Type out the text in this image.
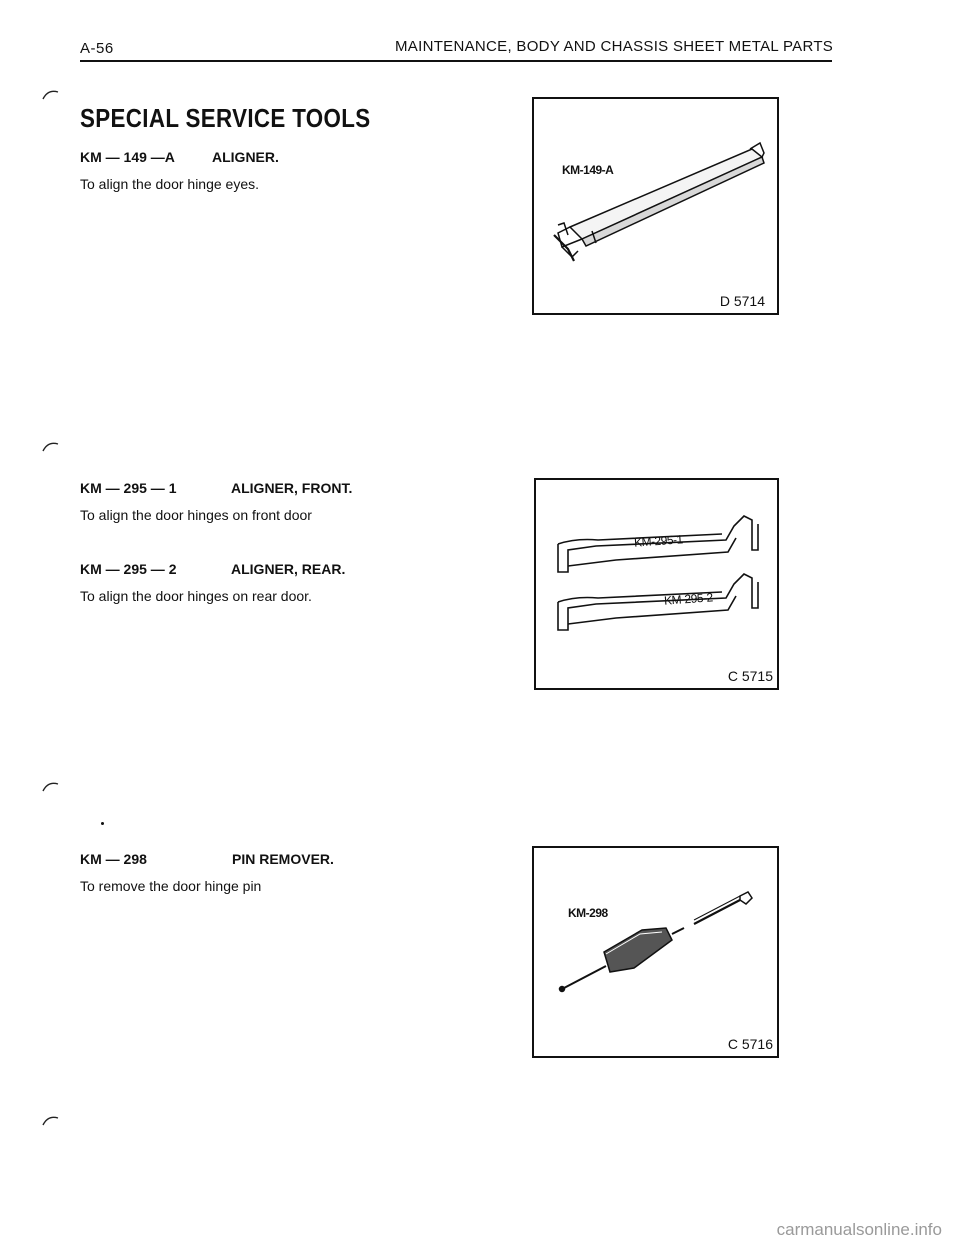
A-56	MAINTENANCE, BODY AND CHASSIS SHEET METAL PARTS
SPECIAL SERVICE TOOLS
KM — 149 —A	ALIGNER.
To align the door hinge eyes.
KM-149-A
D 5714
KM — 295 — 1	ALIGNER, FRONT.
To align the door hinges on front door
KM — 295 — 2	ALIGNER, REAR.
To align the door hinges on rear door.
KM-295-1
KM-295-2
C 5715
KM — 298	PIN REMOVER.
To remove the door hinge pin
KM-298
C 5716
carmanualsonline.info
